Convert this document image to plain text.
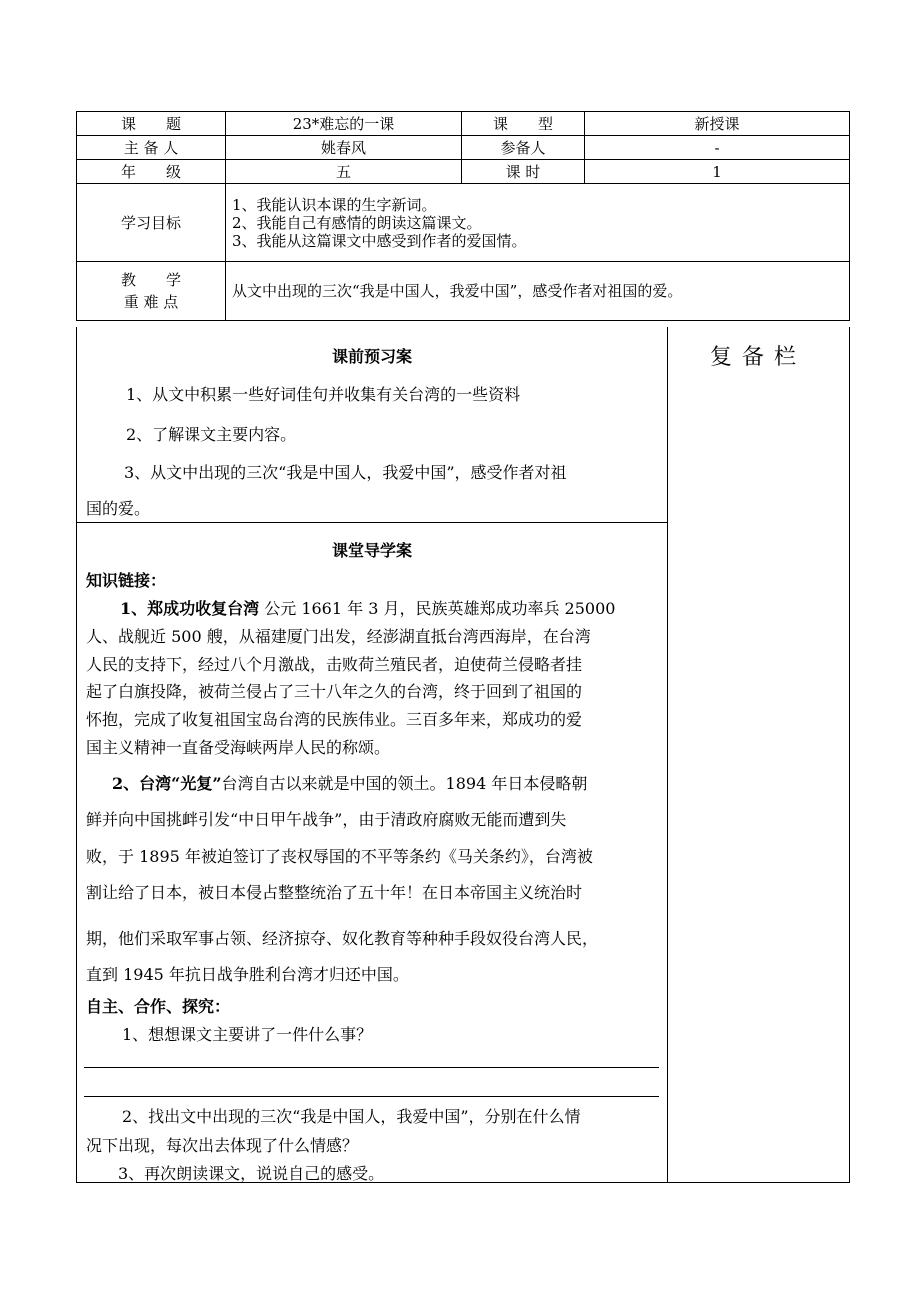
课　　题	23*难忘的一课	课　　型	新授课
主 备 人	姚春风	参备人	-
年　　级	五	课 时	1
学习目标	1、我能认识本课的生字新词。
2、我能自己有感情的朗读这篇课文。
3、我能从这篇课文中感受到作者的爱国情。		

教　　学
重 难 点	从文中出现的三次“我是中国人，我爱中国”，感受作者对祖国的爱。		
复备栏
课前预习案
1、从文中积累一些好词佳句并收集有关台湾的一些资料
2、了解课文主要内容。
3、从文中出现的三次“我是中国人，我爱中国”，感受作者对祖
国的爱。
课堂导学案
知识链接：
1、郑成功收复台湾 公元 1661 年 3 月，民族英雄郑成功率兵 25000
人、战舰近 500 艘，从福建厦门出发，经澎湖直抵台湾西海岸，在台湾
人民的支持下，经过八个月激战，击败荷兰殖民者，迫使荷兰侵略者挂
起了白旗投降，被荷兰侵占了三十八年之久的台湾，终于回到了祖国的
怀抱，完成了收复祖国宝岛台湾的民族伟业。三百多年来，郑成功的爱
国主义精神一直备受海峡两岸人民的称颂。
2、台湾“光复”台湾自古以来就是中国的领土。1894 年日本侵略朝
鲜并向中国挑衅引发“中日甲午战争”，由于清政府腐败无能而遭到失
败，于 1895 年被迫签订了丧权辱国的不平等条约《马关条约》，台湾被
割让给了日本，被日本侵占整整统治了五十年！在日本帝国主义统治时
期，他们采取军事占领、经济掠夺、奴化教育等种种手段奴役台湾人民，
直到 1945 年抗日战争胜利台湾才归还中国。
自主、合作、探究：
1、想想课文主要讲了一件什么事？
2、找出文中出现的三次“我是中国人，我爱中国”，分别在什么情
况下出现，每次出去体现了什么情感？
3、再次朗读课文，说说自己的感受。
